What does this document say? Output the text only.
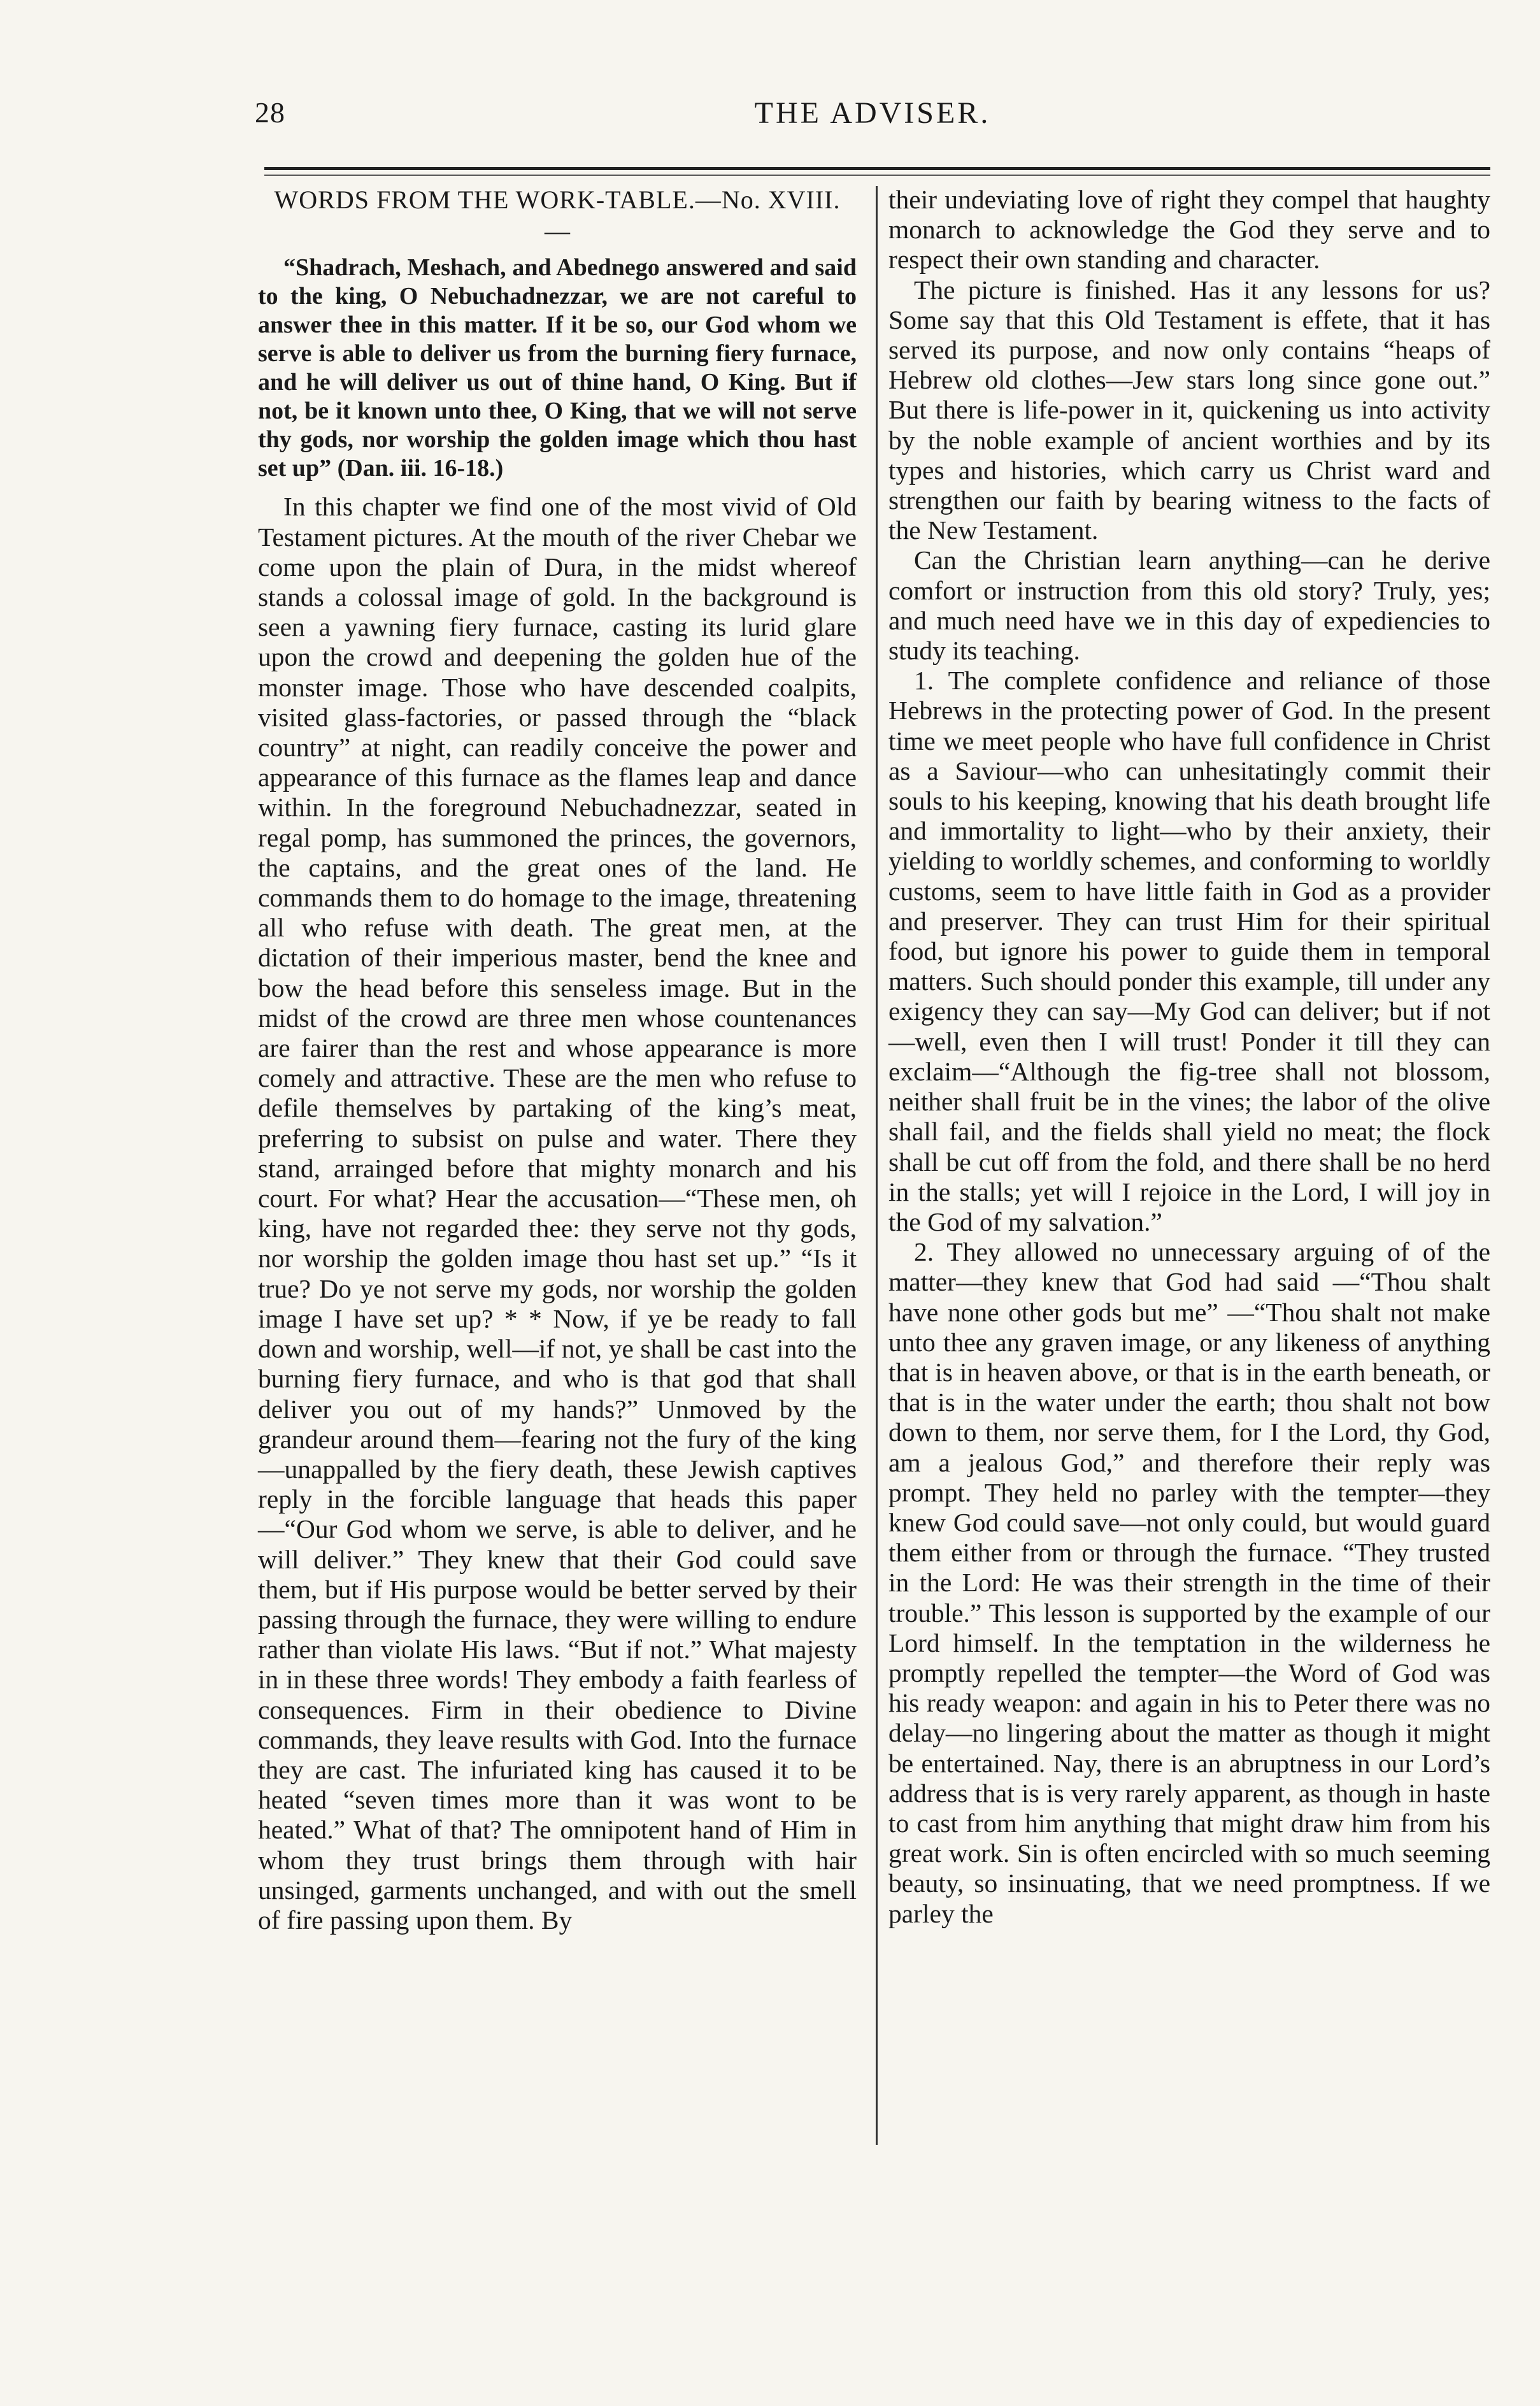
28	THE ADVISER.

WORDS FROM THE WORK-TABLE.—No. XVIII.

—

“Shadrach, Meshach, and Abednego answered and said to the king, O Nebuchadnezzar, we are not careful to answer thee in this matter. If it be so, our God whom we serve is able to deliver us from the burning fiery furnace, and he will deliver us out of thine hand, O King. But if not, be it known unto thee, O King, that we will not serve thy gods, nor worship the golden image which thou hast set up” (Dan. iii. 16-18.)

In this chapter we find one of the most vivid of Old Testament pictures. At the mouth of the river Chebar we come upon the plain of Dura, in the midst whereof stands a colossal image of gold. In the background is seen a yawning fiery furnace, casting its lurid glare upon the crowd and deepening the golden hue of the monster image. Those who have descended coalpits, visited glass-factories, or passed through the “black country” at night, can readily conceive the power and appearance of this furnace as the flames leap and dance within. In the foreground Nebuchadnezzar, seated in regal pomp, has summoned the princes, the governors, the captains, and the great ones of the land. He commands them to do homage to the image, threatening all who refuse with death. The great men, at the dictation of their imperious master, bend the knee and bow the head before this senseless image. But in the midst of the crowd are three men whose countenances are fairer than the rest and whose appearance is more comely and attractive. These are the men who refuse to defile themselves by partaking of the king’s meat, preferring to subsist on pulse and water. There they stand, arrainged before that mighty monarch and his court. For what? Hear the accusation—“These men, oh king, have not regarded thee: they serve not thy gods, nor worship the golden image thou hast set up.” “Is it true? Do ye not serve my gods, nor worship the golden image I have set up? * * Now, if ye be ready to fall down and worship, well—if not, ye shall be cast into the burning fiery furnace, and who is that god that shall deliver you out of my hands?” Unmoved by the grandeur around them—fearing not the fury of the king—unappalled by the fiery death, these Jewish captives reply in the forcible language that heads this paper—“Our God whom we serve, is able to deliver, and he will deliver.” They knew that their God could save them, but if His purpose would be better served by their passing through the furnace, they were willing to endure rather than violate His laws. “But if not.” What majesty in in these three words! They embody a faith fearless of consequences. Firm in their obedience to Divine commands, they leave results with God. Into the furnace they are cast. The infuriated king has caused it to be heated “seven times more than it was wont to be heated.” What of that? The omnipotent hand of Him in whom they trust brings them through with hair unsinged, garments unchanged, and with out the smell of fire passing upon them. By

their undeviating love of right they compel that haughty monarch to acknowledge the God they serve and to respect their own standing and character.

The picture is finished. Has it any lessons for us? Some say that this Old Testament is effete, that it has served its purpose, and now only contains “heaps of Hebrew old clothes—Jew stars long since gone out.” But there is life-power in it, quickening us into activity by the noble example of ancient worthies and by its types and histories, which carry us Christ ward and strengthen our faith by bearing witness to the facts of the New Testament.

Can the Christian learn anything—can he derive comfort or instruction from this old story? Truly, yes; and much need have we in this day of expediencies to study its teaching.

1. The complete confidence and reliance of those Hebrews in the protecting power of God. In the present time we meet people who have full confidence in Christ as a Saviour—who can unhesitatingly commit their souls to his keeping, knowing that his death brought life and immortality to light—who by their anxiety, their yielding to worldly schemes, and conforming to worldly customs, seem to have little faith in God as a provider and preserver. They can trust Him for their spiritual food, but ignore his power to guide them in temporal matters. Such should ponder this example, till under any exigency they can say—My God can deliver; but if not —well, even then I will trust! Ponder it till they can exclaim—“Although the fig-tree shall not blossom, neither shall fruit be in the vines; the labor of the olive shall fail, and the fields shall yield no meat; the flock shall be cut off from the fold, and there shall be no herd in the stalls; yet will I rejoice in the Lord, I will joy in the God of my salvation.”

2. They allowed no unnecessary arguing of of the matter—they knew that God had said —“Thou shalt have none other gods but me” —“Thou shalt not make unto thee any graven image, or any likeness of anything that is in heaven above, or that is in the earth beneath, or that is in the water under the earth; thou shalt not bow down to them, nor serve them, for I the Lord, thy God, am a jealous God,” and therefore their reply was prompt. They held no parley with the tempter—they knew God could save—not only could, but would guard them either from or through the furnace. “They trusted in the Lord: He was their strength in the time of their trouble.” This lesson is supported by the example of our Lord himself. In the temptation in the wilderness he promptly repelled the tempter—the Word of God was his ready weapon: and again in his to Peter there was no delay—no lingering about the matter as though it might be entertained. Nay, there is an abruptness in our Lord’s address that is is very rarely apparent, as though in haste to cast from him anything that might draw him from his great work. Sin is often encircled with so much seeming beauty, so insinuating, that we need promptness. If we parley the
